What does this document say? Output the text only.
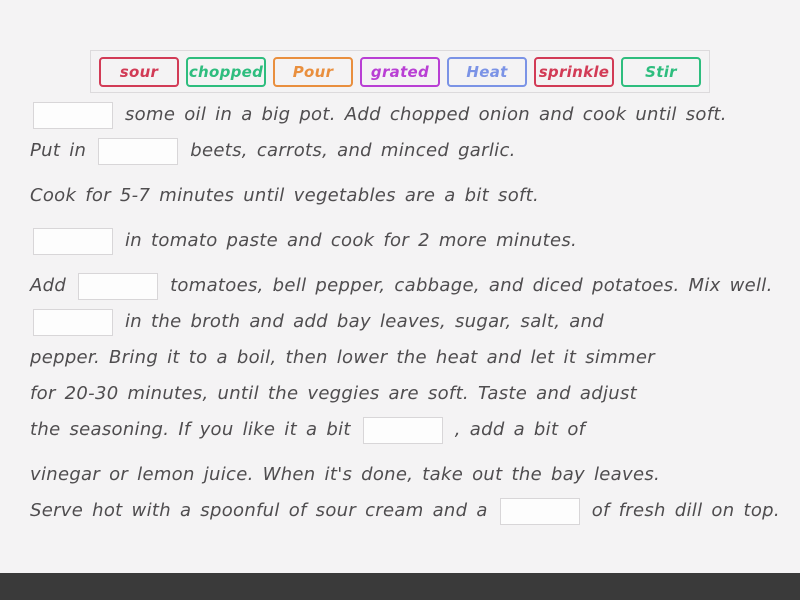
sour	chopped	Pour	grated	Heat	sprinkle	Stir
some oil in a big pot. Add chopped onion and cook until soft.
Put in	beets, carrots, and minced garlic.
Cook for 5-7 minutes until vegetables are a bit soft.
in tomato paste and cook for 2 more minutes.
Add	tomatoes, bell pepper, cabbage, and diced potatoes. Mix well.
in the broth and add bay leaves, sugar, salt, and
pepper. Bring it to a boil, then lower the heat and let it simmer
for 20-30 minutes, until the veggies are soft. Taste and adjust
the seasoning. If you like it a bit	, add a bit of
vinegar or lemon juice. When it's done, take out the bay leaves.
Serve hot with a spoonful of sour cream and a	of fresh dill on top.
